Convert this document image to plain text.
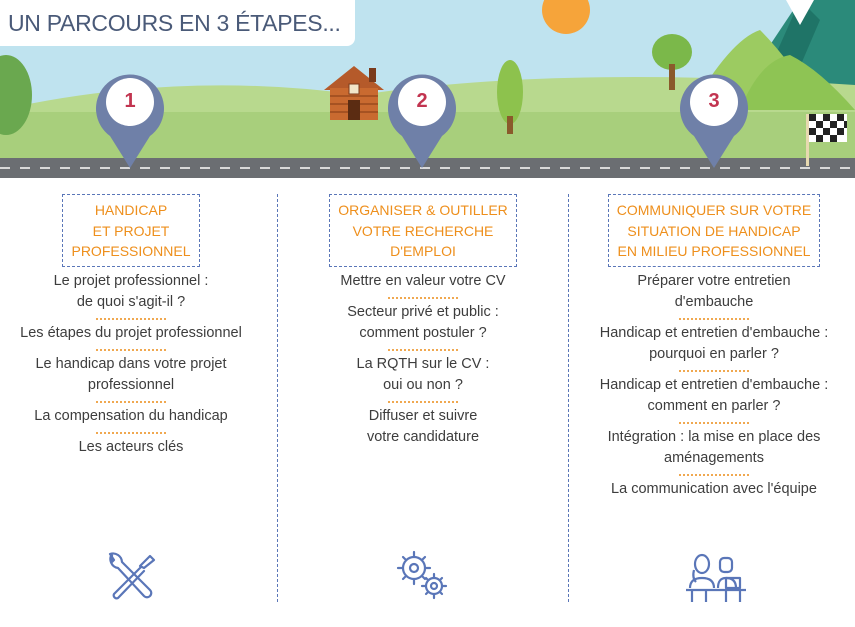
UN PARCOURS EN 3 ÉTAPES...
1	2	3
HANDICAP
ET PROJET
PROFESSIONNEL
Le projet professionnel :
de quoi s'agit-il ?
Les étapes du projet professionnel
Le handicap dans votre projet
professionnel
La compensation du handicap
Les acteurs clés
ORGANISER & OUTILLER
VOTRE RECHERCHE
D'EMPLOI
Mettre en valeur votre CV
Secteur privé et public :
comment postuler ?
La RQTH sur le CV :
oui ou non ?
Diffuser et suivre
votre candidature
COMMUNIQUER SUR VOTRE
SITUATION DE HANDICAP
EN MILIEU PROFESSIONNEL
Préparer votre entretien
d'embauche
Handicap et entretien d'embauche :
pourquoi en parler ?
Handicap et entretien d'embauche :
comment en parler ?
Intégration : la mise en place des
aménagements
La communication avec l'équipe
